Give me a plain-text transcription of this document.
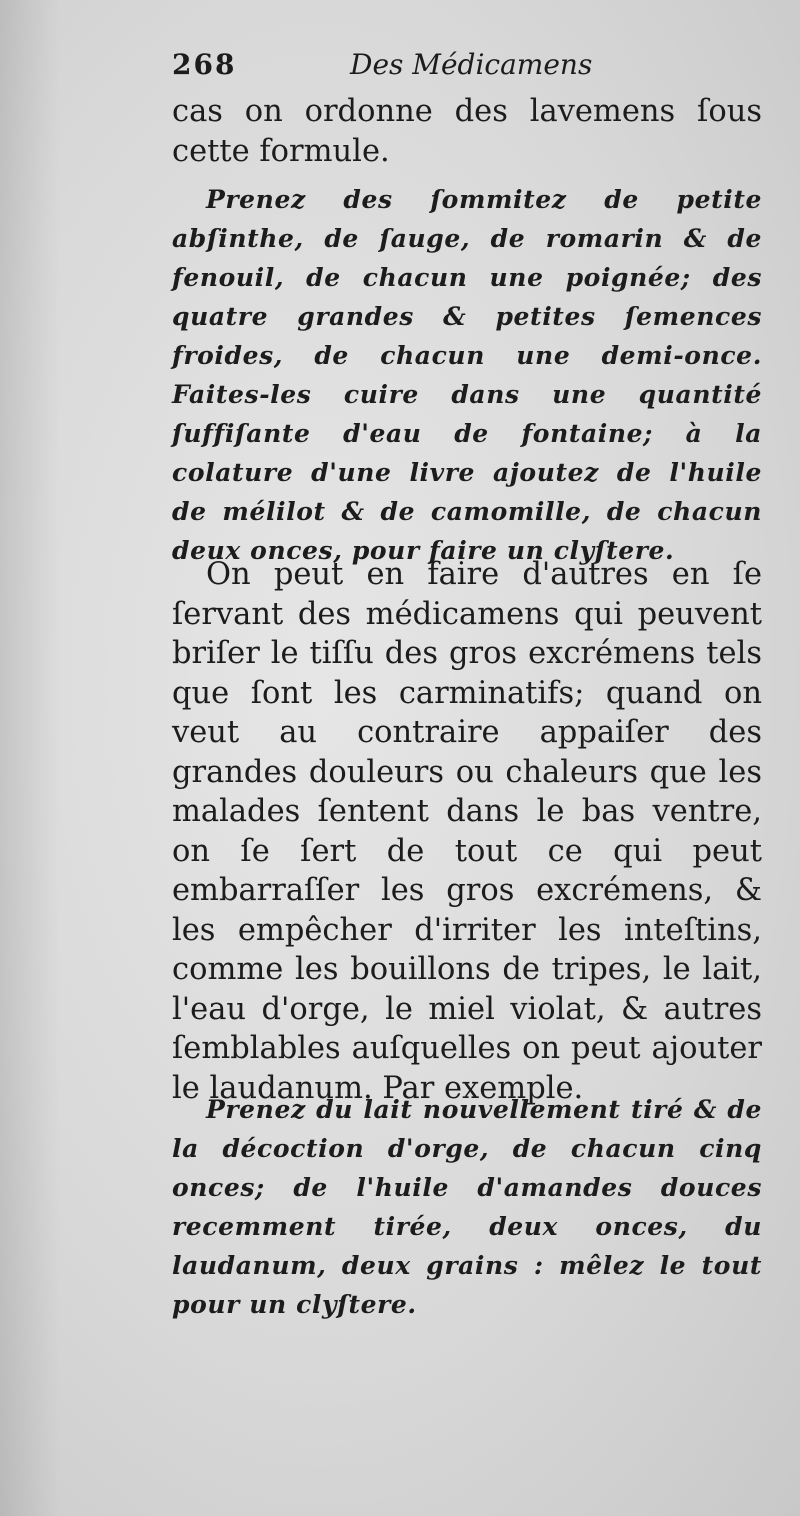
268	Des Médicamens

cas on ordonne des lavemens ſous cette formule.

Prenez des ſommitez de petite abſinthe, de ſauge, de romarin & de fenouil, de chacun une poignée; des quatre grandes & petites ſemences froides, de chacun une demi-once. Faites-les cuire dans une quantité ſuffiſante d'eau de fontaine; à la colature d'une livre ajoutez de l'huile de mélilot & de camomille, de chacun deux onces, pour faire un clyſtere.

On peut en faire d'autres en ſe ſervant des médicamens qui peuvent briſer le tiſſu des gros excrémens tels que ſont les carminatifs; quand on veut au contraire appaiſer des grandes douleurs ou chaleurs que les malades ſentent dans le bas ventre, on ſe ſert de tout ce qui peut embarraſſer les gros excrémens, & les empêcher d'irriter les inteſtins, comme les bouillons de tripes, le lait, l'eau d'orge, le miel violat, & autres ſemblables auſquelles on peut ajouter le laudanum. Par exemple.

Prenez du lait nouvellement tiré & de la décoction d'orge, de chacun cinq onces; de l'huile d'amandes douces recemment tirée, deux onces, du laudanum, deux grains : mêlez le tout pour un clyſtere.
